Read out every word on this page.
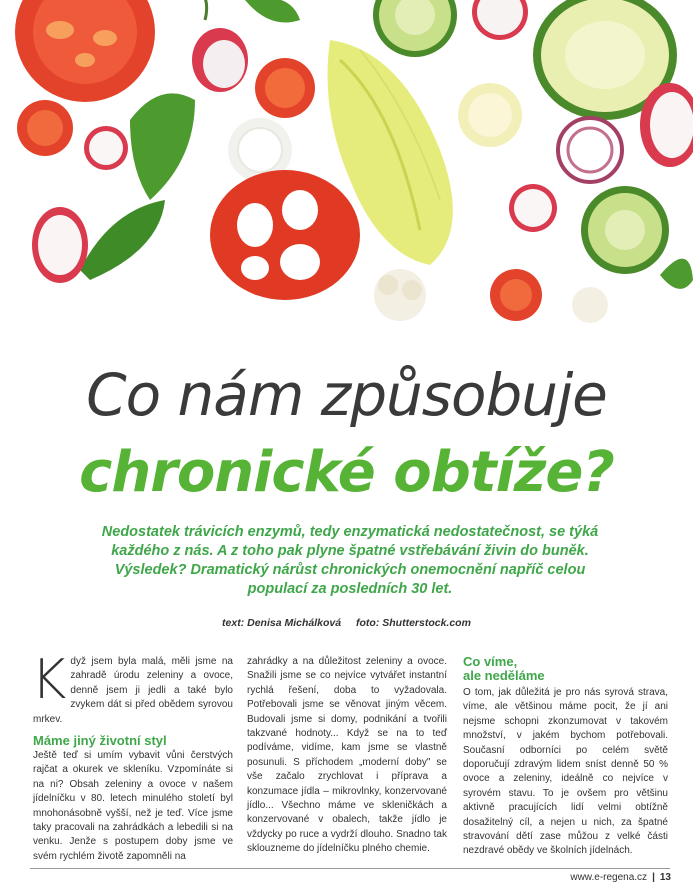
Co nám způsobuje
chronické obtíže?
Nedostatek trávicích enzymů, tedy enzymatická nedostatečnost, se týká každého z nás. A z toho pak plyne špatné vstřebávání živin do buněk. Výsledek? Dramatický nárůst chronických onemocnění napříč celou populací za posledních 30 let.
text: Denisa Michálková foto: Shutterstock.com

Když jsem byla malá, měli jsme na zahradě úrodu zeleniny a ovoce, denně jsem ji jedli a také bylo zvykem dát si před obědem syrovou mrkev.

Máme jiný životní styl

Ještě teď si umím vybavit vůni čerstvých rajčat a okurek ve skleníku. Vzpomínáte si na ni? Obsah zeleniny a ovoce v našem jídelníčku v 80. letech minulého století byl mnohonásobně vyšší, než je teď. Více jsme taky pracovali na zahrádkách a lebedili si na venku. Jenže s postupem doby jsme ve svém rychlém životě zapomněli na

zahrádky a na důležitost zeleniny a ovoce. Snažili jsme se co nejvíce vytvářet instantní rychlá řešení, doba to vyžadovala. Potřebovali jsme se věnovat jiným věcem. Budovali jsme si domy, podnikání a tvořili takzvané hodnoty... Když se na to teď podíváme, vidíme, kam jsme se vlastně posunuli. S příchodem „moderní doby" se vše začalo zrychlovat i příprava a konzumace jídla – mikrovlnky, konzervované jídlo... Všechno máme ve skleničkách a konzervované v obalech, takže jídlo je vždycky po ruce a vydrží dlouho. Snadno tak sklouzneme do jídelníčku plného chemie.

Co víme,
ale neděláme

O tom, jak důležitá je pro nás syrová strava, víme, ale většinou máme pocit, že jí ani nejsme schopni zkonzumovat v takovém množství, v jakém bychom potřebovali. Současní odborníci po celém světě doporučují zdravým lidem sníst denně 50 % ovoce a zeleniny, ideálně co nejvíce v syrovém stavu. To je ovšem pro většinu aktivně pracujících lidí velmi obtížně dosažitelný cíl, a nejen u nich, za špatné stravování dětí zase můžou z velké části nezdravé obědy ve školních jídelnách.

www.e-regena.cz | 13
